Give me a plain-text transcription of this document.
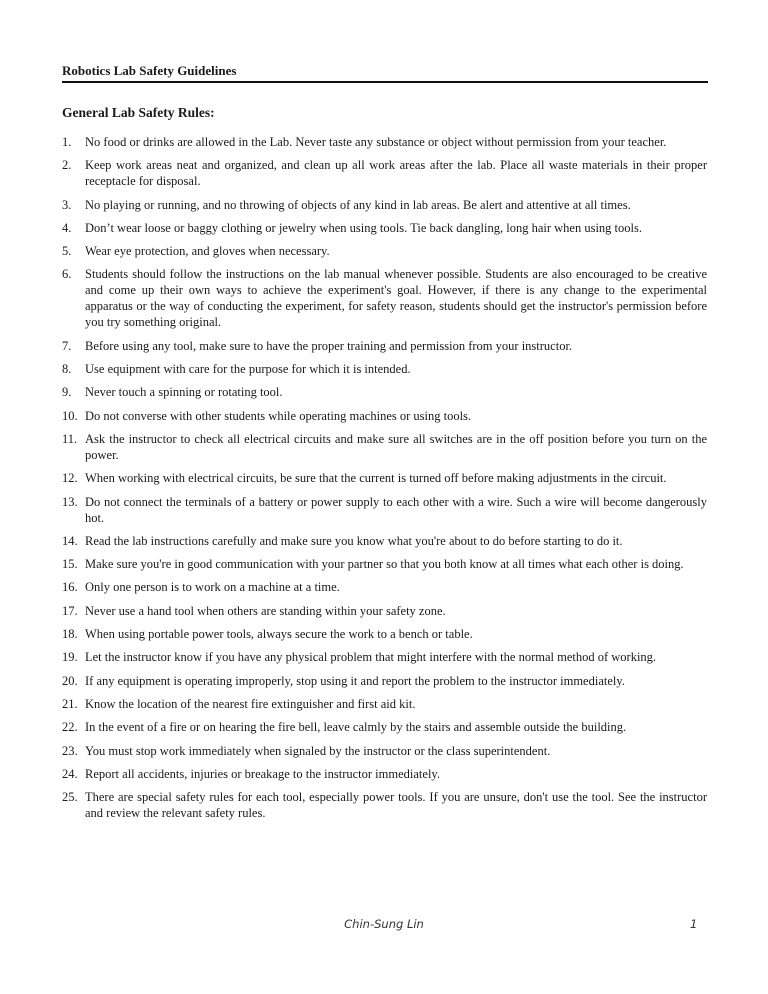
Robotics Lab Safety Guidelines
General Lab Safety Rules:
1. No food or drinks are allowed in the Lab. Never taste any substance or object without permission from your teacher.
2. Keep work areas neat and organized, and clean up all work areas after the lab. Place all waste materials in their proper receptacle for disposal.
3. No playing or running, and no throwing of objects of any kind in lab areas. Be alert and attentive at all times.
4. Don’t wear loose or baggy clothing or jewelry when using tools. Tie back dangling, long hair when using tools.
5. Wear eye protection, and gloves when necessary.
6. Students should follow the instructions on the lab manual whenever possible. Students are also encouraged to be creative and come up their own ways to achieve the experiment's goal. However, if there is any change to the experimental apparatus or the way of conducting the experiment, for safety reason, students should get the instructor's permission before you try something original.
7. Before using any tool, make sure to have the proper training and permission from your instructor.
8. Use equipment with care for the purpose for which it is intended.
9. Never touch a spinning or rotating tool.
10. Do not converse with other students while operating machines or using tools.
11. Ask the instructor to check all electrical circuits and make sure all switches are in the off position before you turn on the power.
12. When working with electrical circuits, be sure that the current is turned off before making adjustments in the circuit.
13. Do not connect the terminals of a battery or power supply to each other with a wire. Such a wire will become dangerously hot.
14. Read the lab instructions carefully and make sure you know what you're about to do before starting to do it.
15. Make sure you're in good communication with your partner so that you both know at all times what each other is doing.
16. Only one person is to work on a machine at a time.
17. Never use a hand tool when others are standing within your safety zone.
18. When using portable power tools, always secure the work to a bench or table.
19. Let the instructor know if you have any physical problem that might interfere with the normal method of working.
20. If any equipment is operating improperly, stop using it and report the problem to the instructor immediately.
21. Know the location of the nearest fire extinguisher and first aid kit.
22. In the event of a fire or on hearing the fire bell, leave calmly by the stairs and assemble outside the building.
23. You must stop work immediately when signaled by the instructor or the class superintendent.
24. Report all accidents, injuries or breakage to the instructor immediately.
25. There are special safety rules for each tool, especially power tools. If you are unsure, don't use the tool. See the instructor and review the relevant safety rules.
Chin-Sung Lin	1
